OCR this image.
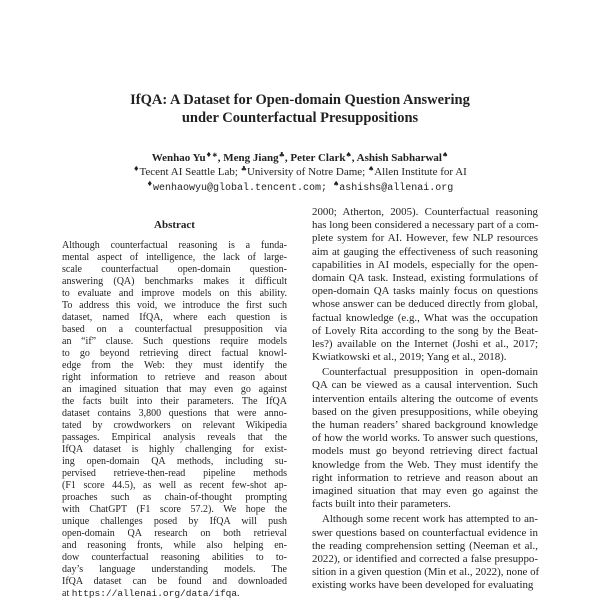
IfQA: A Dataset for Open-domain Question Answering
under Counterfactual Presuppositions
Wenhao Yu♦∗, Meng Jiang♣, Peter Clark♠, Ashish Sabharwal♠
♦Tecent AI Seattle Lab; ♣University of Notre Dame; ♠Allen Institute for AI
♦wenhaowyu@global.tencent.com; ♠ashishs@allenai.org
Abstract
Although counterfactual reasoning is a funda-
mental aspect of intelligence, the lack of large-
scale counterfactual open-domain question-
answering (QA) benchmarks makes it difficult
to evaluate and improve models on this ability.
To address this void, we introduce the first such
dataset, named IfQA, where each question is
based on a counterfactual presupposition via
an “if” clause. Such questions require models
to go beyond retrieving direct factual knowl-
edge from the Web: they must identify the
right information to retrieve and reason about
an imagined situation that may even go against
the facts built into their parameters. The IfQA
dataset contains 3,800 questions that were anno-
tated by crowdworkers on relevant Wikipedia
passages. Empirical analysis reveals that the
IfQA dataset is highly challenging for exist-
ing open-domain QA methods, including su-
pervised retrieve-then-read pipeline methods
(F1 score 44.5), as well as recent few-shot ap-
proaches such as chain-of-thought prompting
with ChatGPT (F1 score 57.2). We hope the
unique challenges posed by IfQA will push
open-domain QA research on both retrieval
and reasoning fronts, while also helping en-
dow counterfactual reasoning abilities to to-
day’s language understanding models. The
IfQA dataset can be found and downloaded
at https://allenai.org/data/ifqa.
2000; Atherton, 2005). Counterfactual reasoning
has long been considered a necessary part of a com-
plete system for AI. However, few NLP resources
aim at gauging the effectiveness of such reasoning
capabilities in AI models, especially for the open-
domain QA task. Instead, existing formulations of
open-domain QA tasks mainly focus on questions
whose answer can be deduced directly from global,
factual knowledge (e.g., What was the occupation
of Lovely Rita according to the song by the Beat-
les?) available on the Internet (Joshi et al., 2017;
Kwiatkowski et al., 2019; Yang et al., 2018).
Counterfactual presupposition in open-domain
QA can be viewed as a causal intervention. Such
intervention entails altering the outcome of events
based on the given presuppositions, while obeying
the human readers’ shared background knowledge
of how the world works. To answer such questions,
models must go beyond retrieving direct factual
knowledge from the Web. They must identify the
right information to retrieve and reason about an
imagined situation that may even go against the
facts built into their parameters.
Although some recent work has attempted to an-
swer questions based on counterfactual evidence in
the reading comprehension setting (Neeman et al.,
2022), or identified and corrected a false presuppo-
sition in a given question (Min et al., 2022), none of
existing works have been developed for evaluating
